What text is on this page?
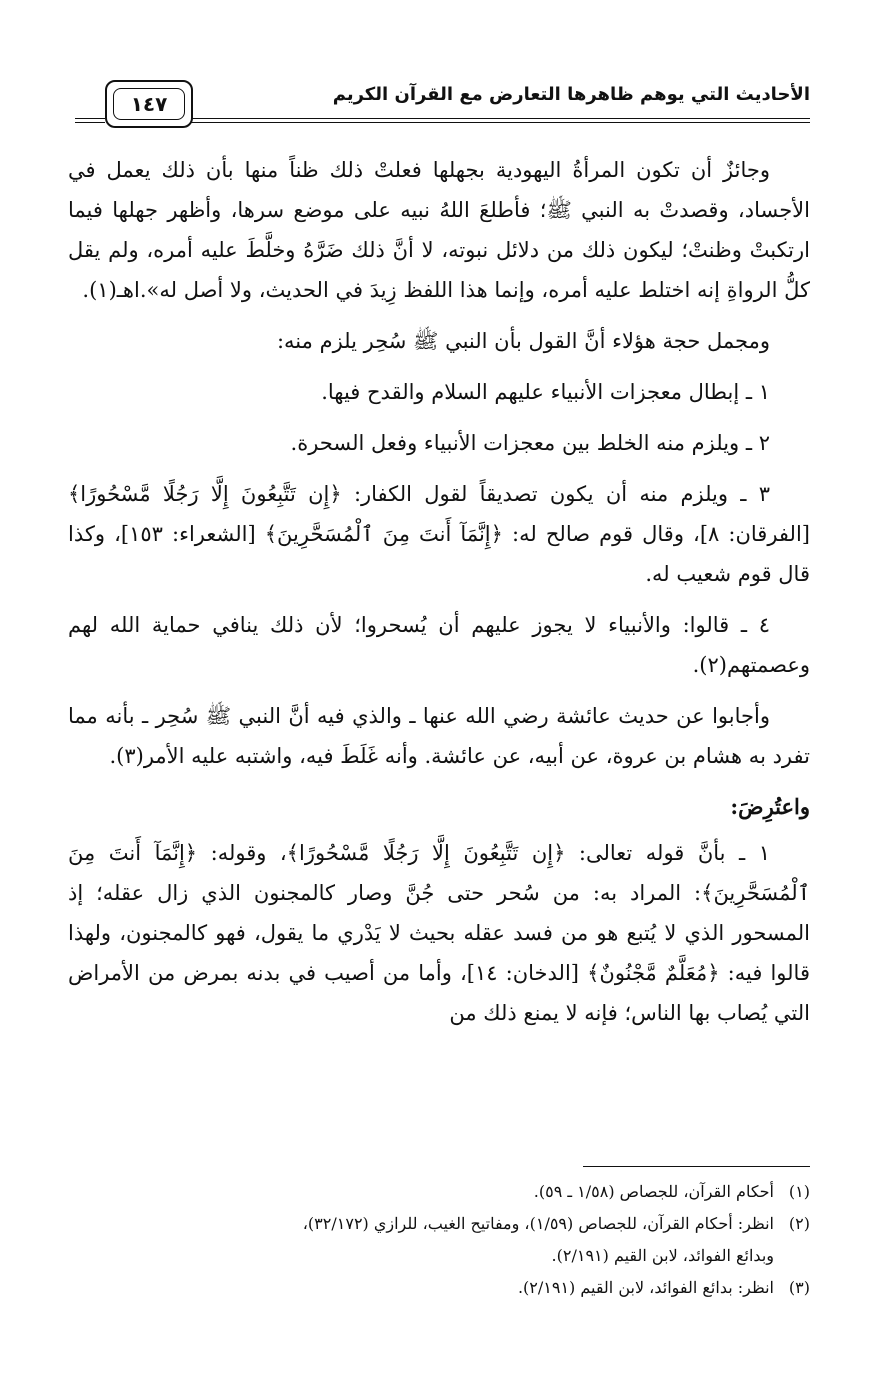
الأحاديث التي يوهم ظاهرها التعارض مع القرآن الكريم
١٤٧

وجائزٌ أن تكون المرأةُ اليهودية بجهلها فعلتْ ذلك ظناً منها بأن ذلك يعمل في الأجساد، وقصدتْ به النبي ﷺ؛ فأطلعَ اللهُ نبيه على موضع سرها، وأظهر جهلها فيما ارتكبتْ وظنتْ؛ ليكون ذلك من دلائل نبوته، لا أنَّ ذلك ضَرَّهُ وخلَّطَ عليه أمره، ولم يقل كلُّ الرواةِ إنه اختلط عليه أمره، وإنما هذا اللفظ زِيدَ في الحديث، ولا أصل له».اهـ(١).

ومجمل حجة هؤلاء أنَّ القول بأن النبي ﷺ سُحِر يلزم منه:

١ ـ إبطال معجزات الأنبياء عليهم السلام والقدح فيها.

٢ ـ ويلزم منه الخلط بين معجزات الأنبياء وفعل السحرة.

٣ ـ ويلزم منه أن يكون تصديقاً لقول الكفار: ﴿إِن تَتَّبِعُونَ إِلَّا رَجُلًا مَّسْحُورًا﴾ [الفرقان: ٨]، وقال قوم صالح له: ﴿إِنَّمَآ أَنتَ مِنَ ٱلْمُسَحَّرِينَ﴾ [الشعراء: ١٥٣]، وكذا قال قوم شعيب له.

٤ ـ قالوا: والأنبياء لا يجوز عليهم أن يُسحروا؛ لأن ذلك ينافي حماية الله لهم وعصمتهم(٢).

وأجابوا عن حديث عائشة رضي الله عنها ـ والذي فيه أنَّ النبي ﷺ سُحِر ـ بأنه مما تفرد به هشام بن عروة، عن أبيه، عن عائشة. وأنه غَلَطَ فيه، واشتبه عليه الأمر(٣).

واعتُرِضَ:

١ ـ بأنَّ قوله تعالى: ﴿إِن تَتَّبِعُونَ إِلَّا رَجُلًا مَّسْحُورًا﴾، وقوله: ﴿إِنَّمَآ أَنتَ مِنَ ٱلْمُسَحَّرِينَ﴾: المراد به: من سُحر حتى جُنَّ وصار كالمجنون الذي زال عقله؛ إذ المسحور الذي لا يُتبع هو من فسد عقله بحيث لا يَدْري ما يقول، فهو كالمجنون، ولهذا قالوا فيه: ﴿مُعَلَّمٌ مَّجْنُونٌ﴾ [الدخان: ١٤]، وأما من أصيب في بدنه بمرض من الأمراض التي يُصاب بها الناس؛ فإنه لا يمنع ذلك من

(١)أحكام القرآن، للجصاص (١/٥٨ ـ ٥٩).

(٢)انظر: أحكام القرآن، للجصاص (١/٥٩)، ومفاتيح الغيب، للرازي (٣٢/١٧٢)،

وبدائع الفوائد، لابن القيم (٢/١٩١).

(٣)انظر: بدائع الفوائد، لابن القيم (٢/١٩١).
